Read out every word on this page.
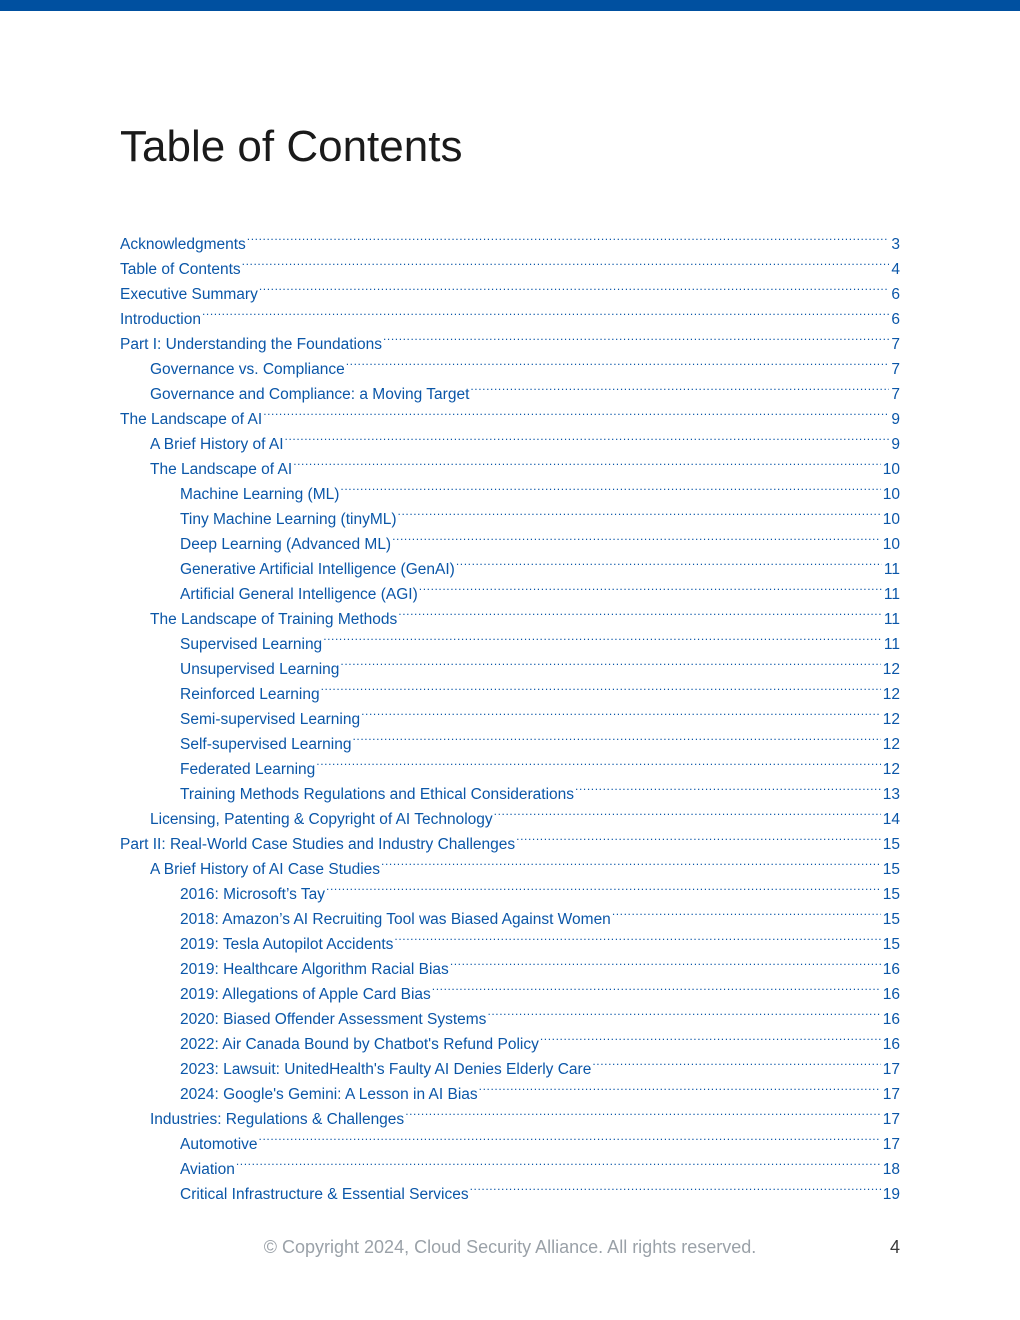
Table of Contents
Acknowledgments .....	3
Table of Contents .....	4
Executive Summary .....	6
Introduction .....	6
Part I: Understanding the Foundations .....	7
Governance vs. Compliance .....	7
Governance and Compliance: a Moving Target .....	7
The Landscape of AI .....	9
A Brief History of AI .....	9
The Landscape of AI .....	10
Machine Learning (ML) .....	10
Tiny Machine Learning (tinyML) .....	10
Deep Learning (Advanced ML) .....	10
Generative Artificial Intelligence (GenAI) .....	11
Artificial General Intelligence (AGI) .....	11
The Landscape of Training Methods .....	11
Supervised Learning .....	11
Unsupervised Learning .....	12
Reinforced Learning .....	12
Semi-supervised Learning .....	12
Self-supervised Learning .....	12
Federated Learning .....	12
Training Methods Regulations and Ethical Considerations .....	13
Licensing, Patenting & Copyright of AI Technology .....	14
Part II: Real-World Case Studies and Industry Challenges .....	15
A Brief History of AI Case Studies .....	15
2016: Microsoft’s Tay .....	15
2018: Amazon’s AI Recruiting Tool was Biased Against Women .....	15
2019: Tesla Autopilot Accidents .....	15
2019: Healthcare Algorithm Racial Bias .....	16
2019: Allegations of Apple Card Bias .....	16
2020: Biased Offender Assessment Systems .....	16
2022: Air Canada Bound by Chatbot's Refund Policy .....	16
2023: Lawsuit: UnitedHealth's Faulty AI Denies Elderly Care .....	17
2024: Google's Gemini: A Lesson in AI Bias .....	17
Industries: Regulations & Challenges .....	17
Automotive .....	17
Aviation .....	18
Critical Infrastructure & Essential Services .....	19
© Copyright 2024, Cloud Security Alliance. All rights reserved.	4
